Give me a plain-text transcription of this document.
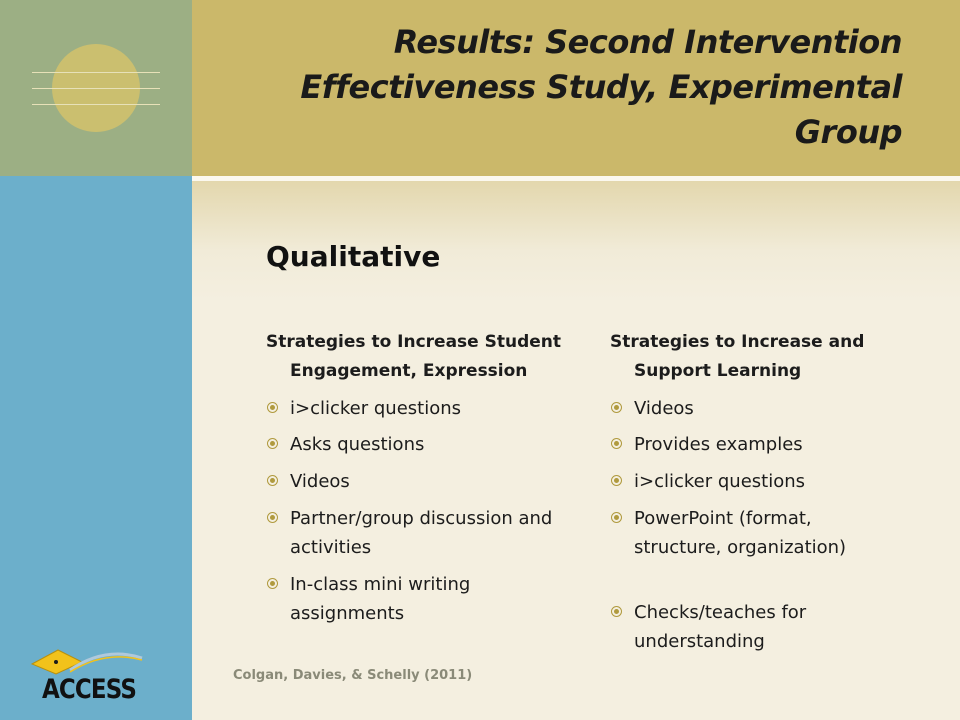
Results: Second Intervention Effectiveness Study, Experimental Group
Qualitative
Strategies to Increase Student Engagement, Expression
i>clicker questions
Asks questions
Videos
Partner/group discussion and activities
In-class mini writing assignments
Strategies to Increase and Support Learning
Videos
Provides examples
i>clicker questions
PowerPoint (format, structure, organization)
Checks/teaches for understanding
Colgan, Davies, & Schelly (2011)
ACCESS
